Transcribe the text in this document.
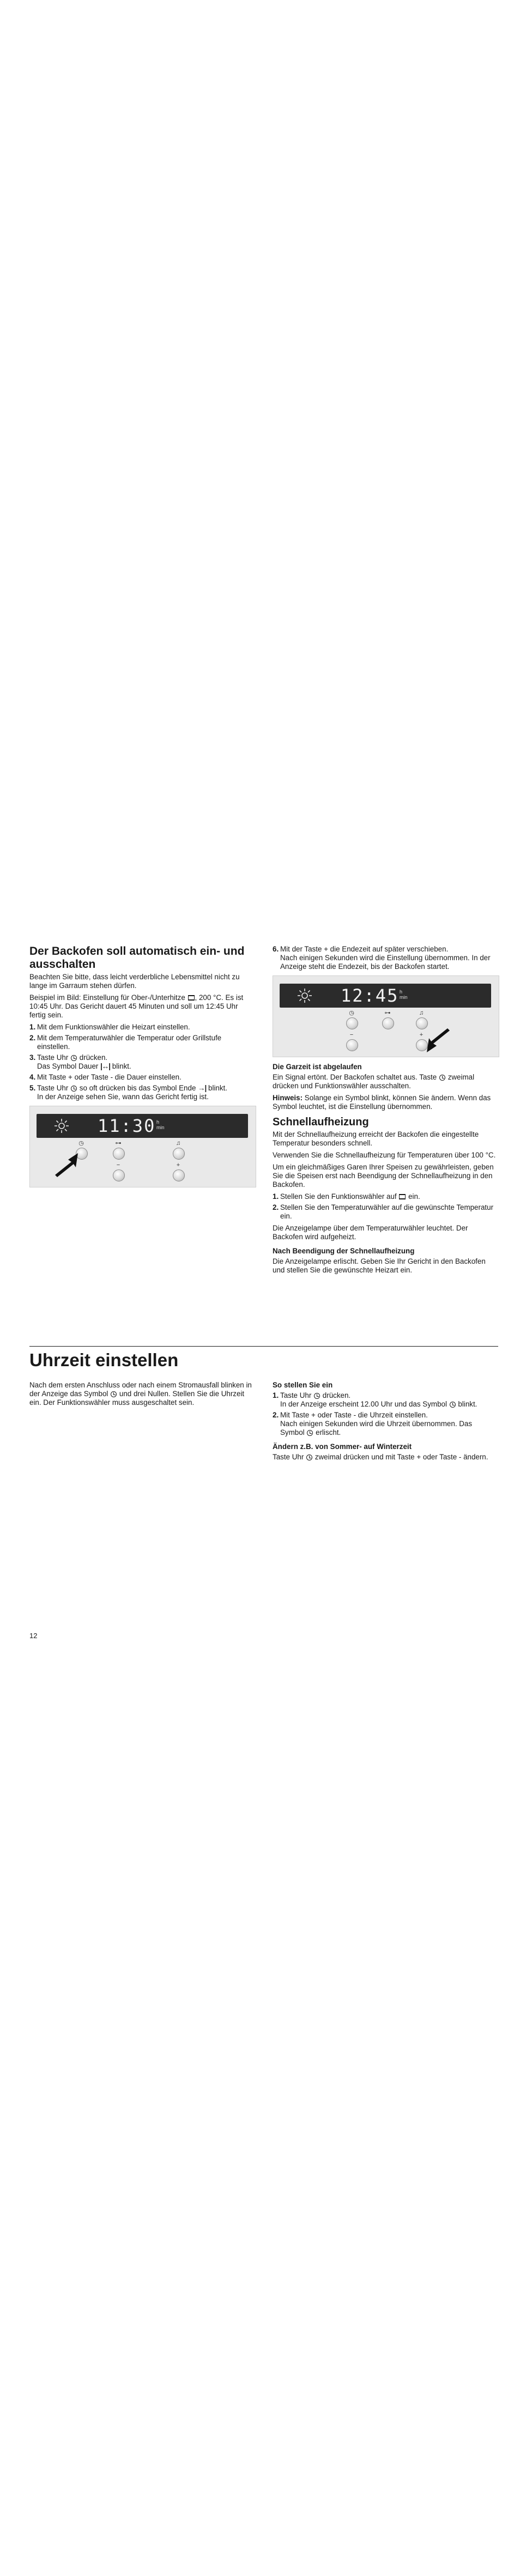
Der Backofen soll automatisch ein- und ausschalten

Beachten Sie bitte, dass leicht verderbliche Lebensmittel nicht zu lange im Garraum stehen dürfen.

Beispiel im Bild: Einstellung für Ober-/Unterhitze , 200 °C. Es ist 10:45 Uhr. Das Gericht dauert 45 Minuten und soll um 12:45 Uhr fertig sein.

1. Mit dem Funktionswähler die Heizart einstellen.
2. Mit dem Temperaturwähler die Temperatur oder Grillstufe einstellen.
3. Taste Uhr drücken.
Das Symbol Dauer |↔| blinkt.
4. Mit Taste + oder Taste - die Dauer einstellen.
5. Taste Uhr so oft drücken bis das Symbol Ende →| blinkt.
In der Anzeige sehen Sie, wann das Gericht fertig ist.
11:30 h
min
◷	⊶	♫
−	+
6. Mit der Taste + die Endezeit auf später verschieben.
Nach einigen Sekunden wird die Einstellung übernommen. In der Anzeige steht die Endezeit, bis der Backofen startet.
12:45 h
min
◷	⊶	♫
−	+
Die Garzeit ist abgelaufen

Ein Signal ertönt. Der Backofen schaltet aus. Taste zweimal drücken und Funktionswähler ausschalten.

Hinweis: Solange ein Symbol blinkt, können Sie ändern. Wenn das Symbol leuchtet, ist die Einstellung übernommen.

Schnellaufheizung

Mit der Schnellaufheizung erreicht der Backofen die eingestellte Temperatur besonders schnell.

Verwenden Sie die Schnellaufheizung für Temperaturen über 100 °C.

Um ein gleichmäßiges Garen Ihrer Speisen zu gewährleisten, geben Sie die Speisen erst nach Beendigung der Schnellaufheizung in den Backofen.

1. Stellen Sie den Funktionswähler auf ein.
2. Stellen Sie den Temperaturwähler auf die gewünschte Temperatur ein.

Die Anzeigelampe über dem Temperaturwähler leuchtet. Der Backofen wird aufgeheizt.

Nach Beendigung der Schnellaufheizung

Die Anzeigelampe erlischt. Geben Sie Ihr Gericht in den Backofen und stellen Sie die gewünschte Heizart ein.

Uhrzeit einstellen

Nach dem ersten Anschluss oder nach einem Stromausfall blinken in der Anzeige das Symbol und drei Nullen. Stellen Sie die Uhrzeit ein. Der Funktionswähler muss ausgeschaltet sein.

So stellen Sie ein
1. Taste Uhr drücken.
In der Anzeige erscheint 12.00 Uhr und das Symbol blinkt.
2. Mit Taste + oder Taste - die Uhrzeit einstellen.
Nach einigen Sekunden wird die Uhrzeit übernommen. Das Symbol erlischt.
Ändern z.B. von Sommer- auf Winterzeit

Taste Uhr zweimal drücken und mit Taste + oder Taste - ändern.

12
